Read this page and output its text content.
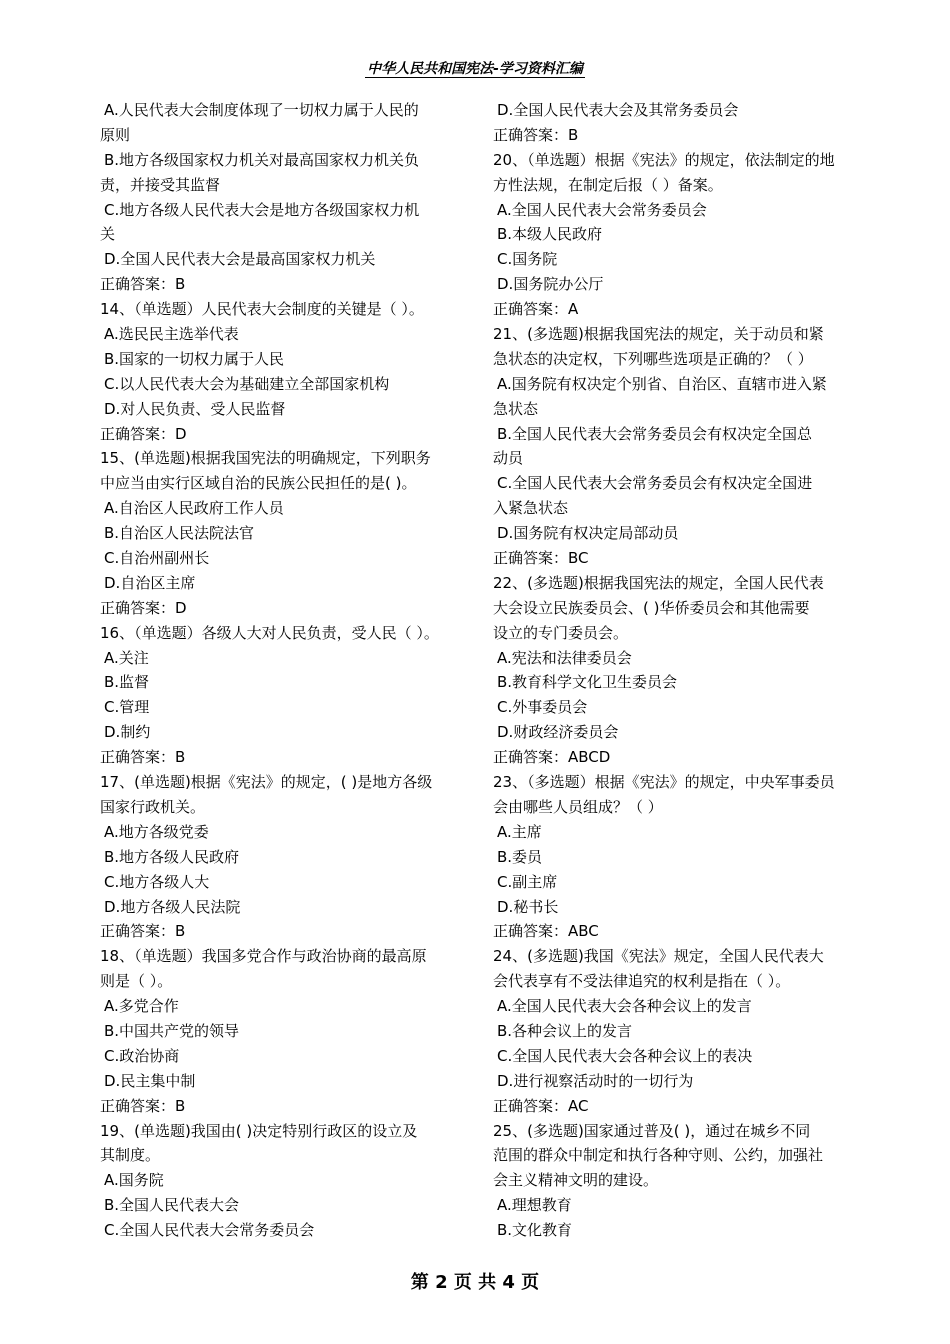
中华人民共和国宪法-学习资料汇编
A.人民代表大会制度体现了一切权力属于人民的
原则
B.地方各级国家权力机关对最高国家权力机关负
责，并接受其监督
C.地方各级人民代表大会是地方各级国家权力机
关
D.全国人民代表大会是最高国家权力机关
正确答案：B
14、（单选题）人民代表大会制度的关键是（ ）。
A.选民民主选举代表
B.国家的一切权力属于人民
C.以人民代表大会为基础建立全部国家机构
D.对人民负责、受人民监督
正确答案：D
15、(单选题)根据我国宪法的明确规定，下列职务
中应当由实行区域自治的民族公民担任的是( )。
A.自治区人民政府工作人员
B.自治区人民法院法官
C.自治州副州长
D.自治区主席
正确答案：D
16、（单选题）各级人大对人民负责，受人民（ ）。
A.关注
B.监督
C.管理
D.制约
正确答案：B
17、(单选题)根据《宪法》的规定，( )是地方各级
国家行政机关。
A.地方各级党委
B.地方各级人民政府
C.地方各级人大
D.地方各级人民法院
正确答案：B
18、（单选题）我国多党合作与政治协商的最高原
则是（ ）。
A.多党合作
B.中国共产党的领导
C.政治协商
D.民主集中制
正确答案：B
19、(单选题)我国由( )决定特别行政区的设立及
其制度。
A.国务院
B.全国人民代表大会
C.全国人民代表大会常务委员会
D.全国人民代表大会及其常务委员会
正确答案：B
20、（单选题）根据《宪法》的规定，依法制定的地
方性法规，在制定后报（ ）备案。
A.全国人民代表大会常务委员会
B.本级人民政府
C.国务院
D.国务院办公厅
正确答案：A
21、(多选题)根据我国宪法的规定，关于动员和紧
急状态的决定权，下列哪些选项是正确的？（ ）
A.国务院有权决定个别省、自治区、直辖市进入紧
急状态
B.全国人民代表大会常务委员会有权决定全国总
动员
C.全国人民代表大会常务委员会有权决定全国进
入紧急状态
D.国务院有权决定局部动员
正确答案：BC
22、(多选题)根据我国宪法的规定，全国人民代表
大会设立民族委员会、( )华侨委员会和其他需要
设立的专门委员会。
A.宪法和法律委员会
B.教育科学文化卫生委员会
C.外事委员会
D.财政经济委员会
正确答案：ABCD
23、（多选题）根据《宪法》的规定，中央军事委员
会由哪些人员组成？（ ）
A.主席
B.委员
C.副主席
D.秘书长
正确答案：ABC
24、(多选题)我国《宪法》规定，全国人民代表大
会代表享有不受法律追究的权利是指在（ ）。
A.全国人民代表大会各种会议上的发言
B.各种会议上的发言
C.全国人民代表大会各种会议上的表决
D.进行视察活动时的一切行为
正确答案：AC
25、(多选题)国家通过普及( )，通过在城乡不同
范围的群众中制定和执行各种守则、公约，加强社
会主义精神文明的建设。
A.理想教育
B.文化教育
第 2 页 共 4 页
